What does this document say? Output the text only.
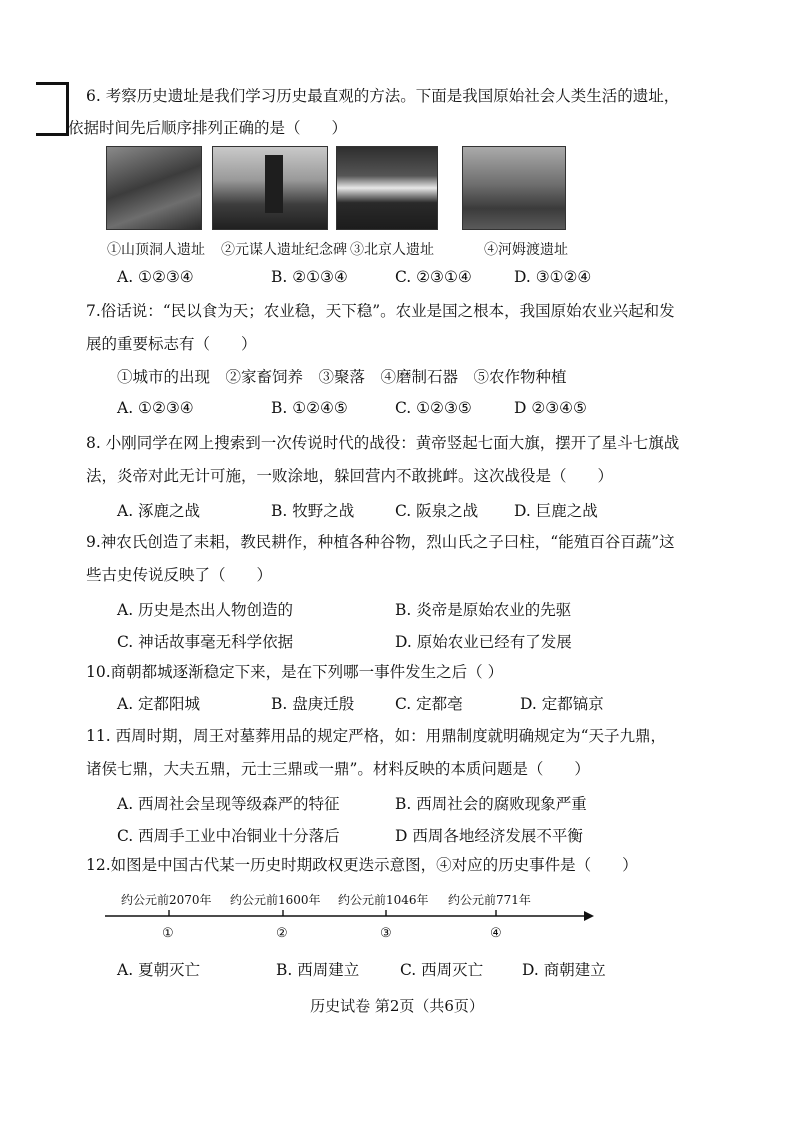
6. 考察历史遗址是我们学习历史最直观的方法。下面是我国原始社会人类生活的遗址，
依据时间先后顺序排列正确的是（　　）
①山顶洞人遗址 ②元谋人遗址纪念碑 ③北京人遗址	④河姆渡遗址
A. ①②③④	B. ②①③④	C. ②③①④	D. ③①②④
7.俗话说：“民以食为天；农业稳，天下稳”。农业是国之根本，我国原始农业兴起和发
展的重要标志有（　　）
①城市的出现　②家畜饲养　③聚落　④磨制石器　⑤农作物种植
A. ①②③④	B. ①②④⑤	C. ①②③⑤	D ②③④⑤
8. 小刚同学在网上搜索到一次传说时代的战役：黄帝竖起七面大旗，摆开了星斗七旗战
法，炎帝对此无计可施，一败涂地，躲回营内不敢挑衅。这次战役是（　　）
A. 涿鹿之战	B. 牧野之战	C. 阪泉之战 D. 巨鹿之战
9.神农氏创造了耒耜，教民耕作，种植各种谷物，烈山氏之子曰柱，“能殖百谷百蔬”这
些古史传说反映了（　　）
A. 历史是杰出人物创造的	B. 炎帝是原始农业的先驱
C. 神话故事毫无科学依据	D. 原始农业已经有了发展
10.商朝都城逐渐稳定下来，是在下列哪一事件发生之后（ ）
A. 定都阳城	B. 盘庚迁殷	C. 定都亳	D. 定都镐京
11. 西周时期，周王对墓葬用品的规定严格，如：用鼎制度就明确规定为“天子九鼎，
诸侯七鼎，大夫五鼎，元士三鼎或一鼎”。材料反映的本质问题是（　　）
A. 西周社会呈现等级森严的特征	B. 西周社会的腐败现象严重
C. 西周手工业中冶铜业十分落后	D 西周各地经济发展不平衡
12.如图是中国古代某一历史时期政权更迭示意图，④对应的历史事件是（　　）
约公元前2070年 约公元前1600年 约公元前1046年 约公元前771年
①	②	③	④
A. 夏朝灭亡	B. 西周建立	C. 西周灭亡	D. 商朝建立
历史试卷 第2页（共6页）
